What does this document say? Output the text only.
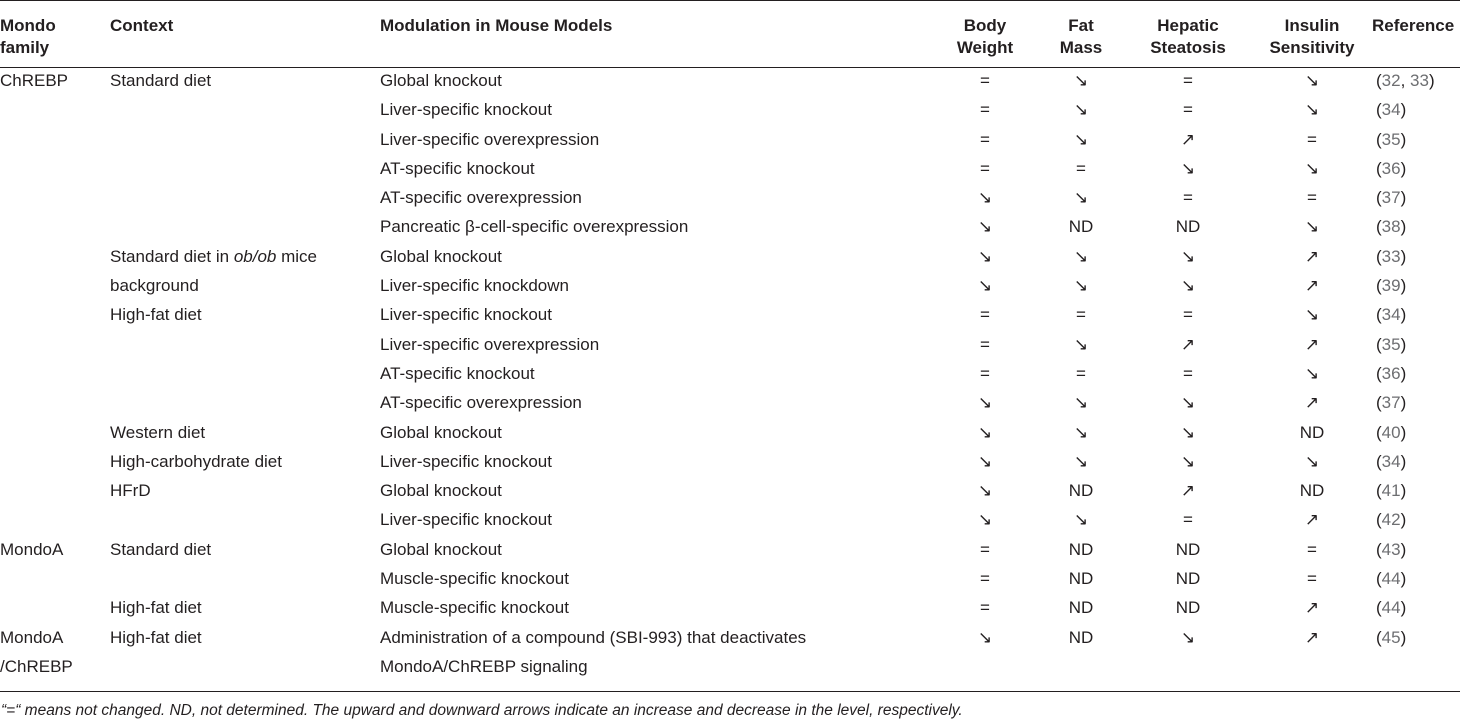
Mondo family	Context	Modulation in Mouse Models	Body Weight	Fat Mass	Hepatic Steatosis	Insulin Sensitivity	Reference
ChREBP	Standard diet	Global knockout	=	↘	=	↘	(32, 33)
		Liver-specific knockout	=	↘	=	↘	(34)
		Liver-specific overexpression	=	↘	↗	=	(35)
		AT-specific knockout	=	=	↘	↘	(36)
		AT-specific overexpression	↘	↘	=	=	(37)
		Pancreatic β-cell-specific overexpression	↘	ND	ND	↘	(38)
	Standard diet in ob/ob mice	Global knockout	↘	↘	↘	↗	(33)
	background	Liver-specific knockdown	↘	↘	↘	↗	(39)
	High-fat diet	Liver-specific knockout	=	=	=	↘	(34)
		Liver-specific overexpression	=	↘	↗	↗	(35)
		AT-specific knockout	=	=	=	↘	(36)
		AT-specific overexpression	↘	↘	↘	↗	(37)
	Western diet	Global knockout	↘	↘	↘	ND	(40)
	High-carbohydrate diet	Liver-specific knockout	↘	↘	↘	↘	(34)
	HFrD	Global knockout	↘	ND	↗	ND	(41)
		Liver-specific knockout	↘	↘	=	↗	(42)
MondoA	Standard diet	Global knockout	=	ND	ND	=	(43)
		Muscle-specific knockout	=	ND	ND	=	(44)
	High-fat diet	Muscle-specific knockout	=	ND	ND	↗	(44)
MondoA	High-fat diet	Administration of a compound (SBI-993) that deactivates	↘	ND	↘	↗	(45)
/ChREBP		MondoA/ChREBP signaling					
“=“ means not changed. ND, not determined. The upward and downward arrows indicate an increase and decrease in the level, respectively.
